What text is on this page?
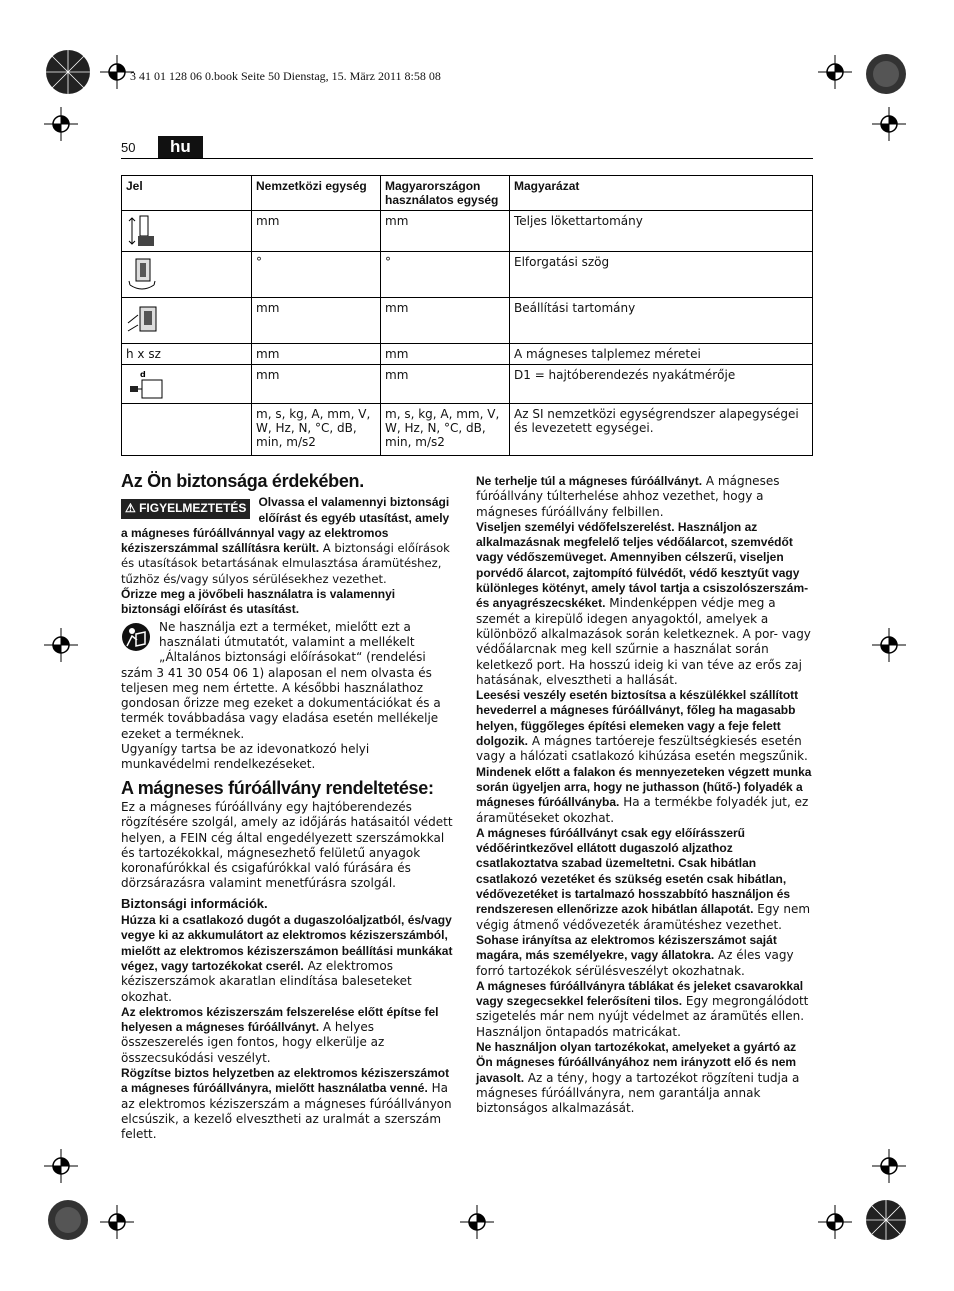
3 41 01 128 06 0.book Seite 50 Dienstag, 15. März 2011 8:58 08
50	hu
Jel	Nemzetközi egység	Magyarországon használatos egység	Magyarázat

	mm	mm	Teljes lökettartomány

	°	°	Elforgatási szög

	mm	mm	Beállítási tartomány
h x sz	mm	mm	A mágneses talplemez méretei

d	mm	mm	D1 = hajtóberendezés nyakátmérője
	m, s, kg, A, mm, V, W, Hz, N, °C, dB, min, m/s2	m, s, kg, A, mm, V, W, Hz, N, °C, dB, min, m/s2	Az SI nemzetközi egységrendszer alapegységei és levezetett egységei.
Az Ön biztonsága érdekében.
⚠ FIGYELMEZTETÉS	Olvassa el valamennyi biztonsági előírást és egyéb utasítást, amely a mágneses fúróállvánnyal vagy az elektromos kéziszerszámmal szállításra került. A biztonsági előírások és utasítások betartásának elmulasztása áramütéshez, tűzhöz és/vagy súlyos sérülésekhez vezethet.

Őrizze meg a jövőbeli használatra is valamennyi biztonsági előírást és utasítást.

Ne használja ezt a terméket, mielőtt ezt a használati útmutatót, valamint a mellékelt „Általános biztonsági előírásokat“ (rendelési szám 3 41 30 054 06 1) alaposan el nem olvasta és teljesen meg nem értette. A későbbi használathoz gondosan őrizze meg ezeket a dokumentációkat és a termék továbbadása vagy eladása esetén mellékelje ezeket a terméknek.

Ugyanígy tartsa be az idevonatkozó helyi munkavédelmi rendelkezéseket.

A mágneses fúróállvány rendeltetése:

Ez a mágneses fúróállvány egy hajtóberendezés rögzítésére szolgál, amely az időjárás hatásaitól védett helyen, a FEIN cég által engedélyezett szerszámokkal és tartozékokkal, mágnesezhető felületű anyagok koronafúrókkal és csigafúrókkal való fúrására és dörzsárazásra valamint menetfúrásra szolgál.

Biztonsági információk.

Húzza ki a csatlakozó dugót a dugaszolóaljzatból, és/vagy vegye ki az akkumulátort az elektromos kéziszerszámból, mielőtt az elektromos kéziszerszámon beállítási munkákat végez, vagy tartozékokat cserél. Az elektromos kéziszerszámok akaratlan elindítása baleseteket okozhat.

Az elektromos kéziszerszám felszerelése előtt építse fel helyesen a mágneses fúróállványt. A helyes összeszerelés igen fontos, hogy elkerülje az összecsukódási veszélyt.

Rögzítse biztos helyzetben az elektromos kéziszerszámot a mágneses fúróállványra, mielőtt használatba venné. Ha az elektromos kéziszerszám a mágneses fúróállványon elcsúszik, a kezelő elvesztheti az uralmát a szerszám felett.

Ne terhelje túl a mágneses fúróállványt. A mágneses fúróállvány túlterhelése ahhoz vezethet, hogy a mágneses fúróállvány felbillen.

Viseljen személyi védőfelszerelést. Használjon az alkalmazásnak megfelelő teljes védőálarcot, szemvédőt vagy védőszemüveget. Amennyiben célszerű, viseljen porvédő álarcot, zajtompító fülvédőt, védő kesztyűt vagy különleges kötényt, amely távol tartja a csiszolószerszám- és anyagrészecskéket. Mindenképpen védje meg a szemét a kirepülő idegen anyagoktól, amelyek a különböző alkalmazások során keletkeznek. A por- vagy védőálarcnak meg kell szűrnie a használat során keletkező port. Ha hosszú ideig ki van téve az erős zaj hatásának, elvesztheti a hallását.

Leesési veszély esetén biztosítsa a készülékkel szállított hevederrel a mágneses fúróállványt, főleg ha magasabb helyen, függőleges építési elemeken vagy a feje felett dolgozik. A mágnes tartóereje feszültségkiesés esetén vagy a hálózati csatlakozó kihúzása esetén megszűnik.

Mindenek előtt a falakon és mennyezeteken végzett munka során ügyeljen arra, hogy ne juthasson (hűtő-) folyadék a mágneses fúróállványba. Ha a termékbe folyadék jut, ez áramütéseket okozhat.

A mágneses fúróállványt csak egy előírásszerű védőérintkezővel ellátott dugaszoló aljzathoz csatlakoztatva szabad üzemeltetni. Csak hibátlan csatlakozó vezetéket és szükség esetén csak hibátlan, védővezetéket is tartalmazó hosszabbító használjon és rendszeresen ellenőrizze azok hibátlan állapotát. Egy nem végig átmenő védővezeték áramütéshez vezethet.

Sohase irányítsa az elektromos kéziszerszámot saját magára, más személyekre, vagy állatokra. Az éles vagy forró tartozékok sérülésveszélyt okozhatnak.

A mágneses fúróállványra táblákat és jeleket csavarokkal vagy szegecsekkel felerősíteni tilos. Egy megrongálódott szigetelés már nem nyújt védelmet az áramütés ellen. Használjon öntapadós matricákat.

Ne használjon olyan tartozékokat, amelyeket a gyártó az Ön mágneses fúróállványához nem irányzott elő és nem javasolt. Az a tény, hogy a tartozékot rögzíteni tudja a mágneses fúróállványra, nem garantálja annak biztonságos alkalmazását.
